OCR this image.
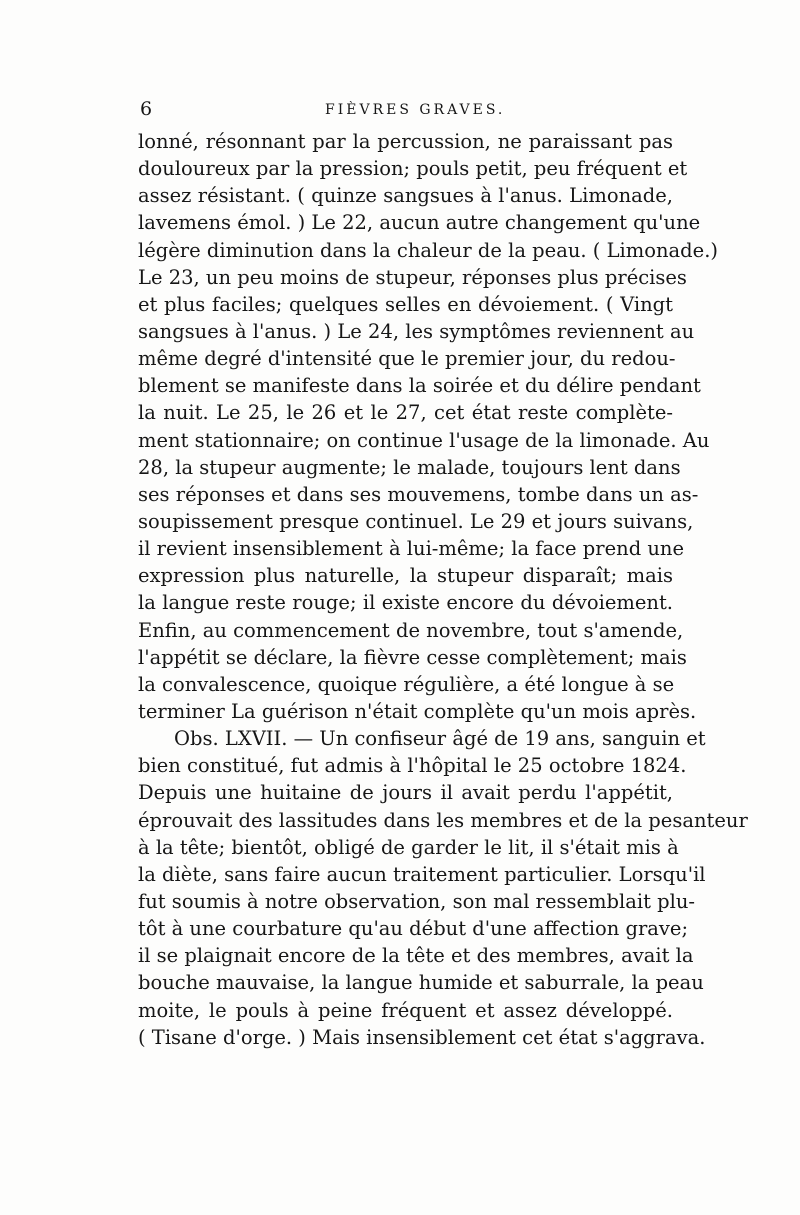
6	FIÈVRES GRAVES.
lonné, résonnant par la percussion, ne paraissant pas
douloureux par la pression; pouls petit, peu fréquent et
assez résistant. ( quinze sangsues à l'anus. Limonade,
lavemens émol. ) Le 22, aucun autre changement qu'une
légère diminution dans la chaleur de la peau. ( Limonade.)
Le 23, un peu moins de stupeur, réponses plus précises
et plus faciles; quelques selles en dévoiement. ( Vingt
sangsues à l'anus. ) Le 24, les symptômes reviennent au
même degré d'intensité que le premier jour, du redou-
blement se manifeste dans la soirée et du délire pendant
la nuit. Le 25, le 26 et le 27, cet état reste complète-
ment stationnaire; on continue l'usage de la limonade. Au
28, la stupeur augmente; le malade, toujours lent dans
ses réponses et dans ses mouvemens, tombe dans un as-
soupissement presque continuel. Le 29 et jours suivans,
il revient insensiblement à lui-même; la face prend une
expression plus naturelle, la stupeur disparaît; mais
la langue reste rouge; il existe encore du dévoiement.
Enfin, au commencement de novembre, tout s'amende,
l'appétit se déclare, la fièvre cesse complètement; mais
la convalescence, quoique régulière, a été longue à se
terminer La guérison n'était complète qu'un mois après.
Obs. LXVII. — Un confiseur âgé de 19 ans, sanguin et
bien constitué, fut admis à l'hôpital le 25 octobre 1824.
Depuis une huitaine de jours il avait perdu l'appétit,
éprouvait des lassitudes dans les membres et de la pesanteur
à la tête; bientôt, obligé de garder le lit, il s'était mis à
la diète, sans faire aucun traitement particulier. Lorsqu'il
fut soumis à notre observation, son mal ressemblait plu-
tôt à une courbature qu'au début d'une affection grave;
il se plaignait encore de la tête et des membres, avait la
bouche mauvaise, la langue humide et saburrale, la peau
moite, le pouls à peine fréquent et assez développé.
( Tisane d'orge. ) Mais insensiblement cet état s'aggrava.
